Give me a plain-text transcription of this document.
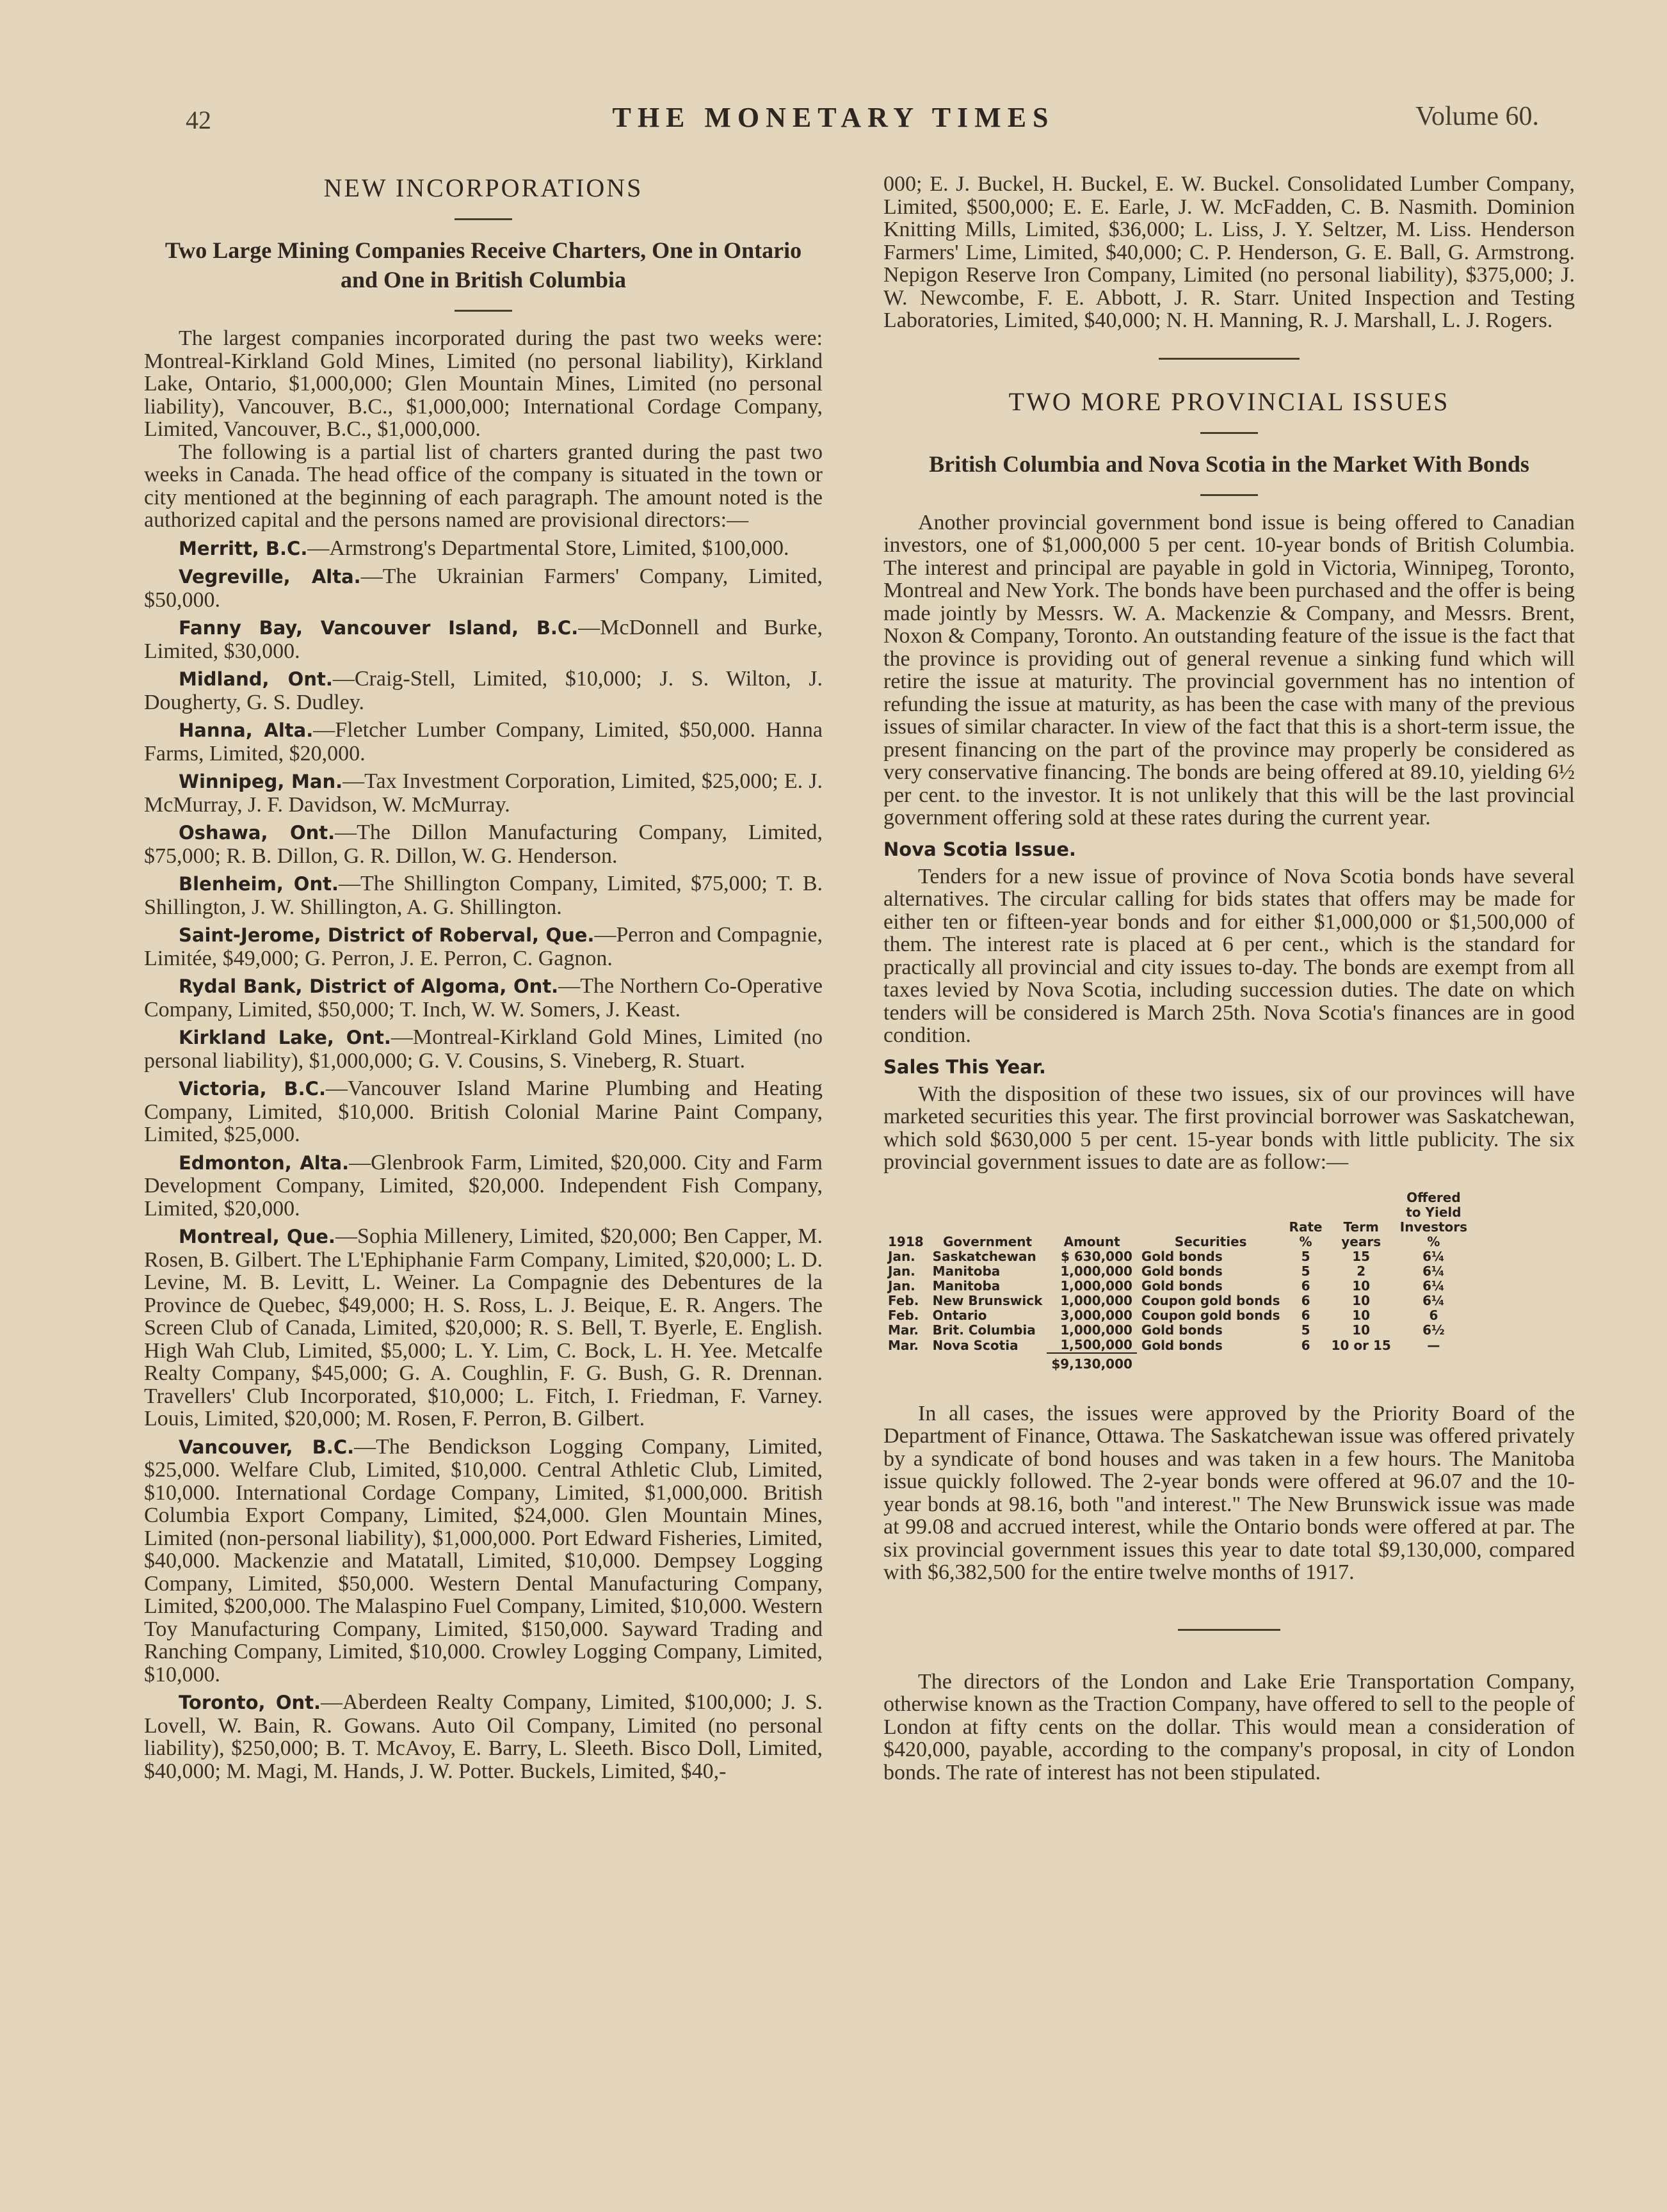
42	THE MONETARY TIMES	Volume 60.
NEW INCORPORATIONS
Two Large Mining Companies Receive Charters, One in Ontario and One in British Columbia

The largest companies incorporated during the past two weeks were: Montreal-Kirkland Gold Mines, Limited (no personal liability), Kirkland Lake, Ontario, $1,000,000; Glen Mountain Mines, Limited (no personal liability), Vancouver, B.C., $1,000,000; International Cordage Company, Limited, Vancouver, B.C., $1,000,000.

The following is a partial list of charters granted during the past two weeks in Canada. The head office of the company is situated in the town or city mentioned at the beginning of each paragraph. The amount noted is the authorized capital and the persons named are provisional directors:—

Merritt, B.C.—Armstrong's Departmental Store, Limited, $100,000.

Vegreville, Alta.—The Ukrainian Farmers' Company, Limited, $50,000.

Fanny Bay, Vancouver Island, B.C.—McDonnell and Burke, Limited, $30,000.

Midland, Ont.—Craig-Stell, Limited, $10,000; J. S. Wilton, J. Dougherty, G. S. Dudley.

Hanna, Alta.—Fletcher Lumber Company, Limited, $50,000. Hanna Farms, Limited, $20,000.

Winnipeg, Man.—Tax Investment Corporation, Limited, $25,000; E. J. McMurray, J. F. Davidson, W. McMurray.

Oshawa, Ont.—The Dillon Manufacturing Company, Limited, $75,000; R. B. Dillon, G. R. Dillon, W. G. Henderson.

Blenheim, Ont.—The Shillington Company, Limited, $75,000; T. B. Shillington, J. W. Shillington, A. G. Shillington.

Saint-Jerome, District of Roberval, Que.—Perron and Compagnie, Limitée, $49,000; G. Perron, J. E. Perron, C. Gagnon.

Rydal Bank, District of Algoma, Ont.—The Northern Co-Operative Company, Limited, $50,000; T. Inch, W. W. Somers, J. Keast.

Kirkland Lake, Ont.—Montreal-Kirkland Gold Mines, Limited (no personal liability), $1,000,000; G. V. Cousins, S. Vineberg, R. Stuart.

Victoria, B.C.—Vancouver Island Marine Plumbing and Heating Company, Limited, $10,000. British Colonial Marine Paint Company, Limited, $25,000.

Edmonton, Alta.—Glenbrook Farm, Limited, $20,000. City and Farm Development Company, Limited, $20,000. Independent Fish Company, Limited, $20,000.

Montreal, Que.—Sophia Millenery, Limited, $20,000; Ben Capper, M. Rosen, B. Gilbert. The L'Ephiphanie Farm Company, Limited, $20,000; L. D. Levine, M. B. Levitt, L. Weiner. La Compagnie des Debentures de la Province de Quebec, $49,000; H. S. Ross, L. J. Beique, E. R. Angers. The Screen Club of Canada, Limited, $20,000; R. S. Bell, T. Byerle, E. English. High Wah Club, Limited, $5,000; L. Y. Lim, C. Bock, L. H. Yee. Metcalfe Realty Company, $45,000; G. A. Coughlin, F. G. Bush, G. R. Drennan. Travellers' Club Incorporated, $10,000; L. Fitch, I. Friedman, F. Varney. Louis, Limited, $20,000; M. Rosen, F. Perron, B. Gilbert.

Vancouver, B.C.—The Bendickson Logging Company, Limited, $25,000. Welfare Club, Limited, $10,000. Central Athletic Club, Limited, $10,000. International Cordage Company, Limited, $1,000,000. British Columbia Export Company, Limited, $24,000. Glen Mountain Mines, Limited (non-personal liability), $1,000,000. Port Edward Fisheries, Limited, $40,000. Mackenzie and Matatall, Limited, $10,000. Dempsey Logging Company, Limited, $50,000. Western Dental Manufacturing Company, Limited, $200,000. The Malaspino Fuel Company, Limited, $10,000. Western Toy Manufacturing Company, Limited, $150,000. Sayward Trading and Ranching Company, Limited, $10,000. Crowley Logging Company, Limited, $10,000.

Toronto, Ont.—Aberdeen Realty Company, Limited, $100,000; J. S. Lovell, W. Bain, R. Gowans. Auto Oil Company, Limited (no personal liability), $250,000; B. T. McAvoy, E. Barry, L. Sleeth. Bisco Doll, Limited, $40,000; M. Magi, M. Hands, J. W. Potter. Buckels, Limited, $40,-

000; E. J. Buckel, H. Buckel, E. W. Buckel. Consolidated Lumber Company, Limited, $500,000; E. E. Earle, J. W. McFadden, C. B. Nasmith. Dominion Knitting Mills, Limited, $36,000; L. Liss, J. Y. Seltzer, M. Liss. Henderson Farmers' Lime, Limited, $40,000; C. P. Henderson, G. E. Ball, G. Armstrong. Nepigon Reserve Iron Company, Limited (no personal liability), $375,000; J. W. Newcombe, F. E. Abbott, J. R. Starr. United Inspection and Testing Laboratories, Limited, $40,000; N. H. Manning, R. J. Marshall, L. J. Rogers.

TWO MORE PROVINCIAL ISSUES
British Columbia and Nova Scotia in the Market With Bonds

Another provincial government bond issue is being offered to Canadian investors, one of $1,000,000 5 per cent. 10-year bonds of British Columbia. The interest and principal are payable in gold in Victoria, Winnipeg, Toronto, Montreal and New York. The bonds have been purchased and the offer is being made jointly by Messrs. W. A. Mackenzie & Company, and Messrs. Brent, Noxon & Company, Toronto. An outstanding feature of the issue is the fact that the province is providing out of general revenue a sinking fund which will retire the issue at maturity. The provincial government has no intention of refunding the issue at maturity, as has been the case with many of the previous issues of similar character. In view of the fact that this is a short-term issue, the present financing on the part of the province may properly be considered as very conservative financing. The bonds are being offered at 89.10, yielding 6½ per cent. to the investor. It is not unlikely that this will be the last provincial government offering sold at these rates during the current year.

Nova Scotia Issue.

Tenders for a new issue of province of Nova Scotia bonds have several alternatives. The circular calling for bids states that offers may be made for either ten or fifteen-year bonds and for either $1,000,000 or $1,500,000 of them. The interest rate is placed at 6 per cent., which is the standard for practically all provincial and city issues to-day. The bonds are exempt from all taxes levied by Nova Scotia, including succession duties. The date on which tenders will be considered is March 25th. Nova Scotia's finances are in good condition.

Sales This Year.

With the disposition of these two issues, six of our provinces will have marketed securities this year. The first provincial borrower was Saskatchewan, which sold $630,000 5 per cent. 15-year bonds with little publicity. The six provincial government issues to date are as follow:—

						Offered
						to Yield
				Rate	Term	Investors
1918	Government	Amount	Securities	%	years	%
Jan.	Saskatchewan	$ 630,000	Gold bonds	5	15	6¼
Jan.	Manitoba	1,000,000	Gold bonds	5	2	6¼
Jan.	Manitoba	1,000,000	Gold bonds	6	10	6¼
Feb.	New Brunswick	1,000,000	Coupon gold bonds	6	10	6¼
Feb.	Ontario	3,000,000	Coupon gold bonds	6	10	6
Mar.	Brit. Columbia	1,000,000	Gold bonds	5	10	6½
Mar.	Nova Scotia	1,500,000	Gold bonds	6	10 or 15	—
		$9,130,000				

In all cases, the issues were approved by the Priority Board of the Department of Finance, Ottawa. The Saskatchewan issue was offered privately by a syndicate of bond houses and was taken in a few hours. The Manitoba issue quickly followed. The 2-year bonds were offered at 96.07 and the 10-year bonds at 98.16, both "and interest." The New Brunswick issue was made at 99.08 and accrued interest, while the Ontario bonds were offered at par. The six provincial government issues this year to date total $9,130,000, compared with $6,382,500 for the entire twelve months of 1917.

The directors of the London and Lake Erie Transportation Company, otherwise known as the Traction Company, have offered to sell to the people of London at fifty cents on the dollar. This would mean a consideration of $420,000, payable, according to the company's proposal, in city of London bonds. The rate of interest has not been stipulated.
